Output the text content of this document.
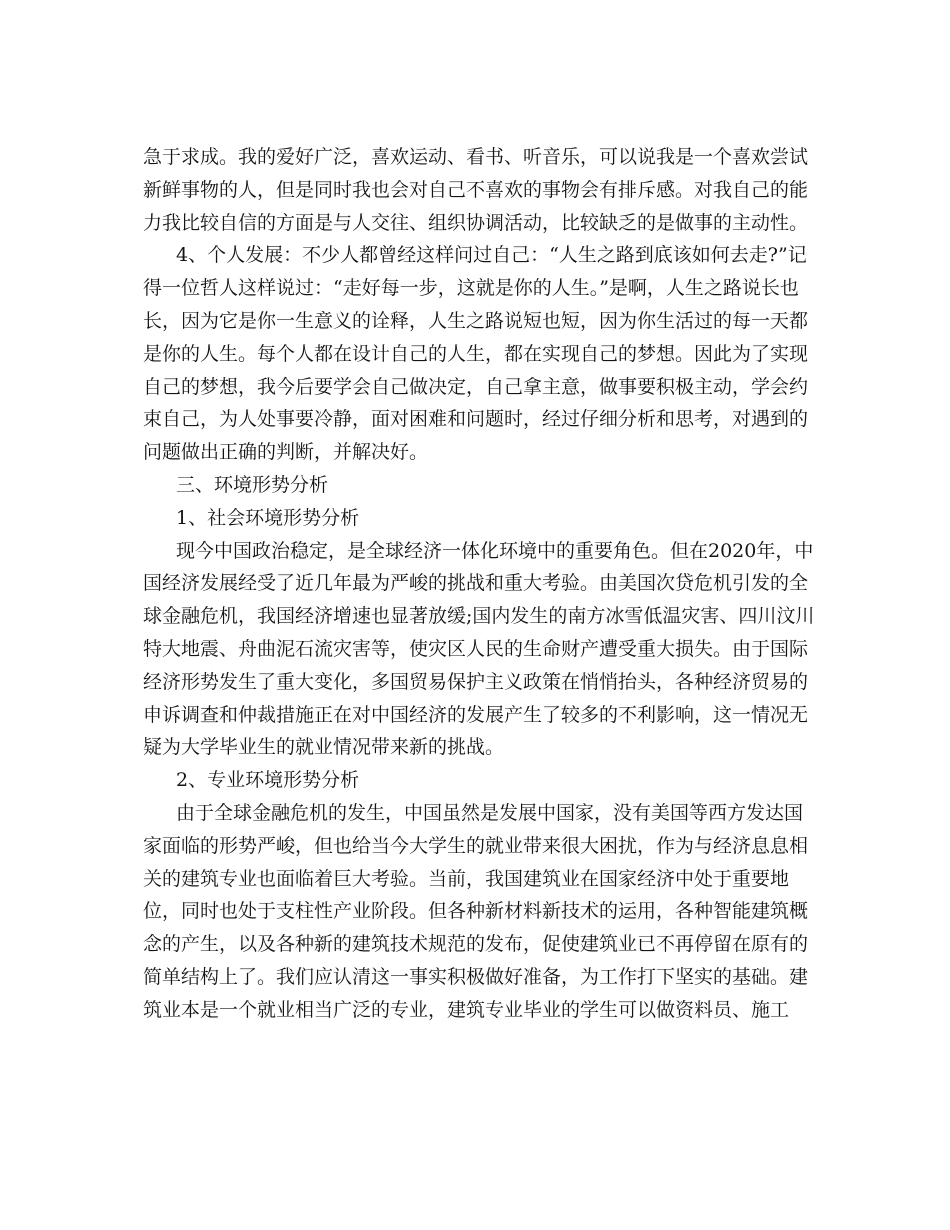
急于求成。我的爱好广泛，喜欢运动、看书、听音乐，可以说我是一个喜欢尝试
新鲜事物的人，但是同时我也会对自己不喜欢的事物会有排斥感。对我自己的能
力我比较自信的方面是与人交往、组织协调活动，比较缺乏的是做事的主动性。
4、个人发展：不少人都曾经这样问过自己：“人生之路到底该如何去走?”记
得一位哲人这样说过：“走好每一步，这就是你的人生。”是啊，人生之路说长也
长，因为它是你一生意义的诠释，人生之路说短也短，因为你生活过的每一天都
是你的人生。每个人都在设计自己的人生，都在实现自己的梦想。因此为了实现
自己的梦想，我今后要学会自己做决定，自己拿主意，做事要积极主动，学会约
束自己，为人处事要冷静，面对困难和问题时，经过仔细分析和思考，对遇到的
问题做出正确的判断，并解决好。
三、环境形势分析
1、社会环境形势分析
现今中国政治稳定，是全球经济一体化环境中的重要角色。但在2020年，中
国经济发展经受了近几年最为严峻的挑战和重大考验。由美国次贷危机引发的全
球金融危机，我国经济增速也显著放缓;国内发生的南方冰雪低温灾害、四川汶川
特大地震、舟曲泥石流灾害等，使灾区人民的生命财产遭受重大损失。由于国际
经济形势发生了重大变化，多国贸易保护主义政策在悄悄抬头，各种经济贸易的
申诉调查和仲裁措施正在对中国经济的发展产生了较多的不利影响，这一情况无
疑为大学毕业生的就业情况带来新的挑战。
2、专业环境形势分析
由于全球金融危机的发生，中国虽然是发展中国家，没有美国等西方发达国
家面临的形势严峻，但也给当今大学生的就业带来很大困扰，作为与经济息息相
关的建筑专业也面临着巨大考验。当前，我国建筑业在国家经济中处于重要地
位，同时也处于支柱性产业阶段。但各种新材料新技术的运用，各种智能建筑概
念的产生，以及各种新的建筑技术规范的发布，促使建筑业已不再停留在原有的
简单结构上了。我们应认清这一事实积极做好准备，为工作打下坚实的基础。建
筑业本是一个就业相当广泛的专业，建筑专业毕业的学生可以做资料员、施工
